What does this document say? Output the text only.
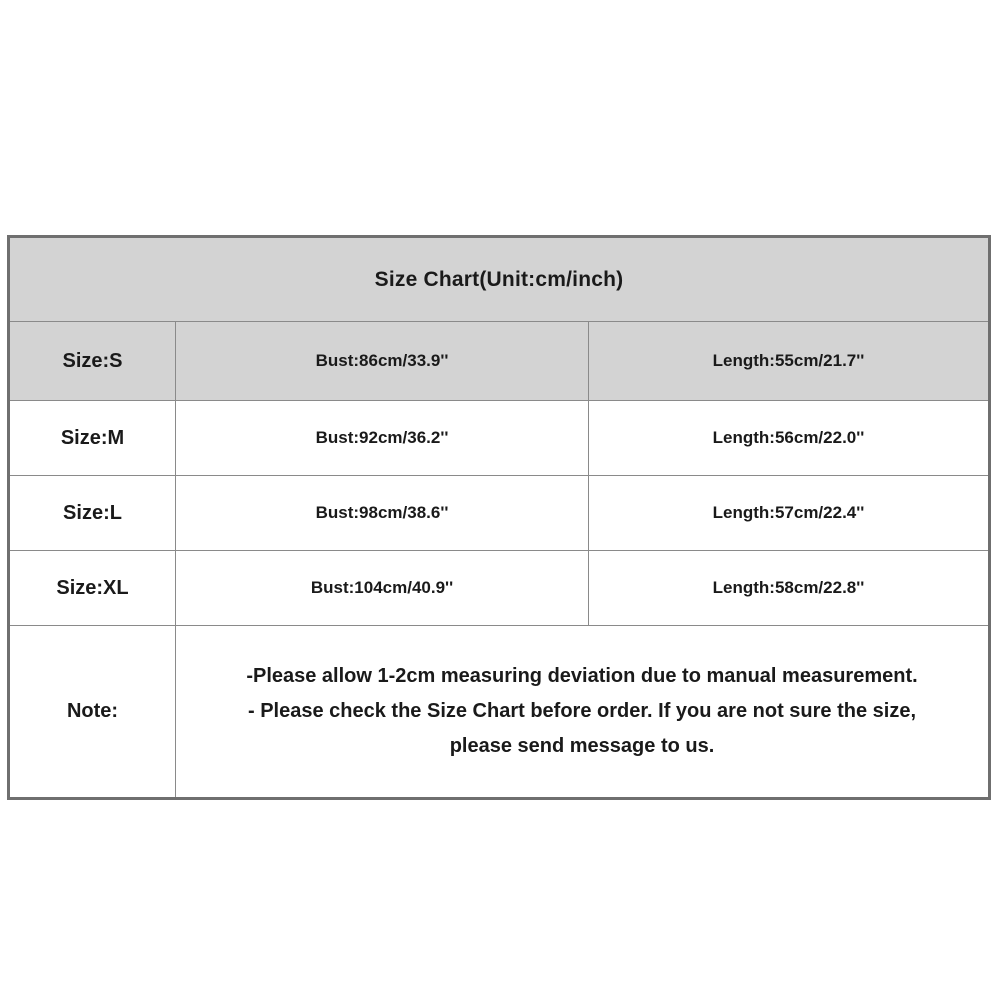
Size Chart(Unit:cm/inch)
Size:S	Bust:86cm/33.9''	Length:55cm/21.7''
Size:M	Bust:92cm/36.2''	Length:56cm/22.0''
Size:L	Bust:98cm/38.6''	Length:57cm/22.4''
Size:XL	Bust:104cm/40.9''	Length:58cm/22.8''
Note:
-Please allow 1-2cm measuring deviation due to manual measurement.
- Please check the Size Chart before order. If you are not sure the size,
please send message to us.
